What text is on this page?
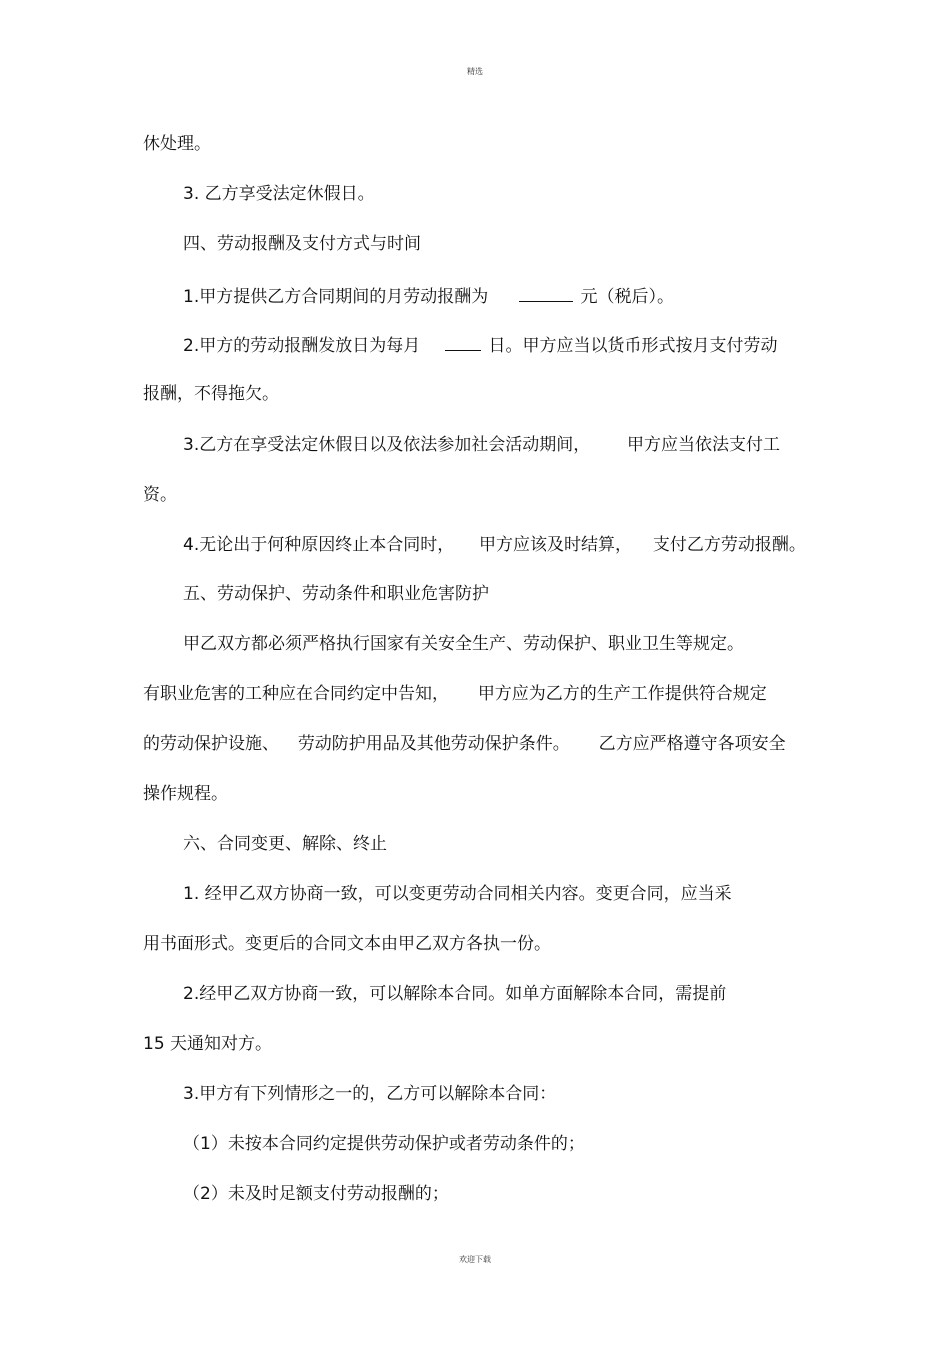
精选
休处理。
3. 乙方享受法定休假日。
四、劳动报酬及支付方式与时间
1.甲方提供乙方合同期间的月劳动报酬为	元（税后）。
2.甲方的劳动报酬发放日为每月	日。甲方应当以货币形式按月支付劳动
报酬，不得拖欠。
3.乙方在享受法定休假日以及依法参加社会活动期间， 甲方应当依法支付工
资。
4.无论出于何种原因终止本合同时， 甲方应该及时结算， 支付乙方劳动报酬。
五、劳动保护、劳动条件和职业危害防护
甲乙双方都必须严格执行国家有关安全生产、劳动保护、职业卫生等规定。
有职业危害的工种应在合同约定中告知， 甲方应为乙方的生产工作提供符合规定
的劳动保护设施、 劳动防护用品及其他劳动保护条件。 乙方应严格遵守各项安全
操作规程。
六、合同变更、解除、终止
1. 经甲乙双方协商一致，可以变更劳动合同相关内容。变更合同，应当采
用书面形式。变更后的合同文本由甲乙双方各执一份。
2.经甲乙双方协商一致，可以解除本合同。如单方面解除本合同，需提前
15 天通知对方。
3.甲方有下列情形之一的，乙方可以解除本合同：
（1）未按本合同约定提供劳动保护或者劳动条件的；
（2）未及时足额支付劳动报酬的；
欢迎下载
